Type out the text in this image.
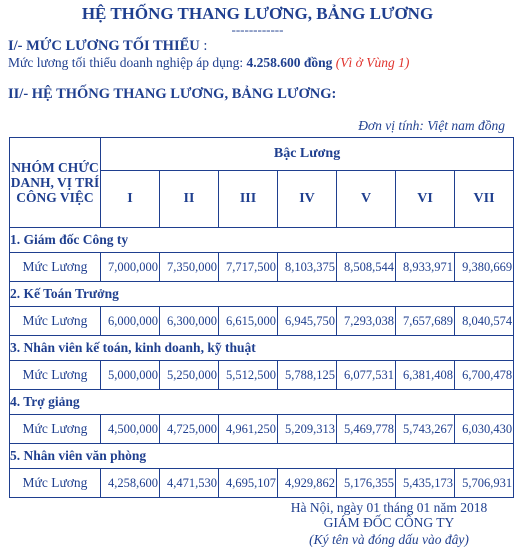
HỆ THỐNG THANG LƯƠNG, BẢNG LƯƠNG
------------
I/- MỨC LƯƠNG TỐI THIỂU :
Mức lương tối thiểu doanh nghiệp áp dụng: 4.258.600 đồng (Vì ở Vùng 1)
II/- HỆ THỐNG THANG LƯƠNG, BẢNG LƯƠNG:
Đơn vị tính: Việt nam đồng
NHÓM CHỨC DANH, VỊ TRÍ CÔNG VIỆC	Bậc Lương						
	I	II	III	IV	V	VI	VII
1. Giám đốc Công ty							
Mức Lương	7,000,000	7,350,000	7,717,500	8,103,375	8,508,544	8,933,971	9,380,669
2. Kế Toán Trưởng							
Mức Lương	6,000,000	6,300,000	6,615,000	6,945,750	7,293,038	7,657,689	8,040,574
3. Nhân viên kế toán, kinh doanh, kỹ thuật							
Mức Lương	5,000,000	5,250,000	5,512,500	5,788,125	6,077,531	6,381,408	6,700,478
4. Trợ giảng							
Mức Lương	4,500,000	4,725,000	4,961,250	5,209,313	5,469,778	5,743,267	6,030,430
5. Nhân viên văn phòng							
Mức Lương	4,258,600	4,471,530	4,695,107	4,929,862	5,176,355	5,435,173	5,706,931
Hà Nội, ngày 01 tháng 01 năm 2018
GIÁM ĐỐC CÔNG TY
(Ký tên và đóng dấu vào đây)
